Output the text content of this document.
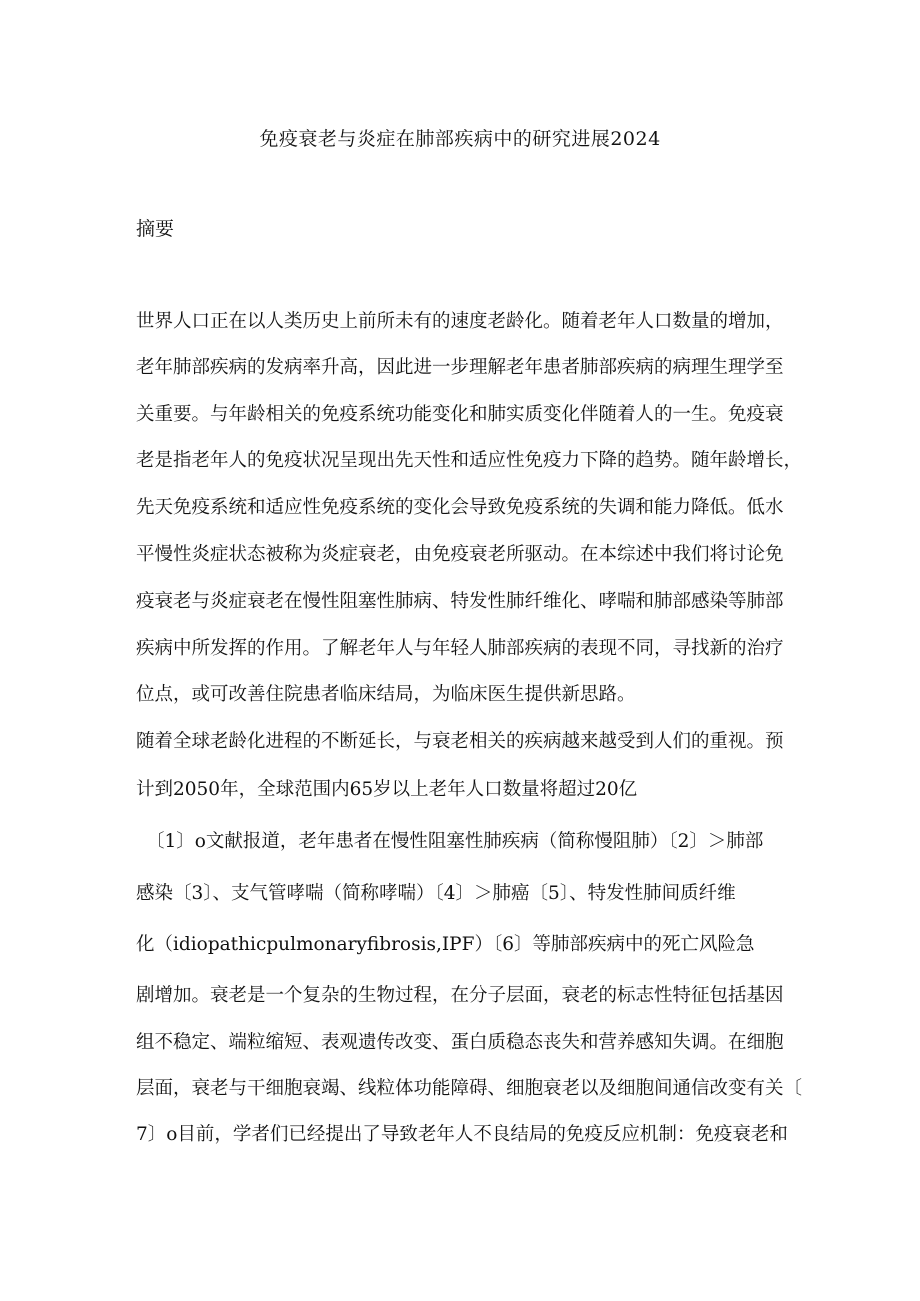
免疫衰老与炎症在肺部疾病中的研究进展2024
摘要
世界人口正在以人类历史上前所未有的速度老龄化。随着老年人口数量的增加，
老年肺部疾病的发病率升高，因此进一步理解老年患者肺部疾病的病理生理学至
关重要。与年龄相关的免疫系统功能变化和肺实质变化伴随着人的一生。免疫衰
老是指老年人的免疫状况呈现出先天性和适应性免疫力下降的趋势。随年龄增长，
先天免疫系统和适应性免疫系统的变化会导致免疫系统的失调和能力降低。低水
平慢性炎症状态被称为炎症衰老，由免疫衰老所驱动。在本综述中我们将讨论免
疫衰老与炎症衰老在慢性阻塞性肺病、特发性肺纤维化、哮喘和肺部感染等肺部
疾病中所发挥的作用。了解老年人与年轻人肺部疾病的表现不同，寻找新的治疗
位点，或可改善住院患者临床结局，为临床医生提供新思路。
随着全球老龄化进程的不断延长，与衰老相关的疾病越来越受到人们的重视。预
计到2050年，全球范围内65岁以上老年人口数量将超过20亿
〔1〕o文献报道，老年患者在慢性阻塞性肺疾病（简称慢阻肺）〔2〕＞肺部
感染〔3〕、支气管哮喘（简称哮喘）〔4〕＞肺癌〔5〕、特发性肺间质纤维
化（idiopathicpulmonaryfibrosis,IPF）〔6〕等肺部疾病中的死亡风险急
剧增加。衰老是一个复杂的生物过程，在分子层面，衰老的标志性特征包括基因
组不稳定、端粒缩短、表观遗传改变、蛋白质稳态丧失和营养感知失调。在细胞
层面，衰老与干细胞衰竭、线粒体功能障碍、细胞衰老以及细胞间通信改变有关〔
7〕o目前，学者们已经提出了导致老年人不良结局的免疫反应机制：免疫衰老和
